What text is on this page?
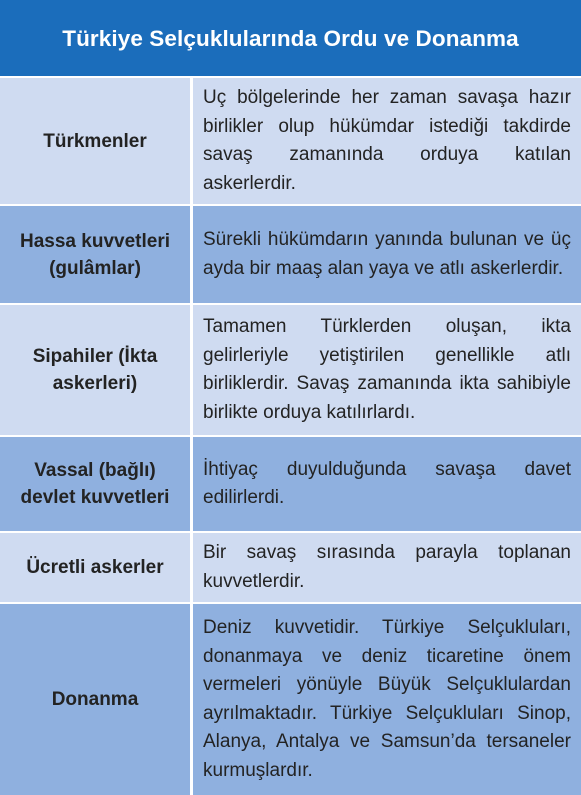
Türkiye Selçuklularında Ordu ve Donanma
Türkmenler
Uç bölgelerinde her zaman savaşa hazır birlikler olup hükümdar istediği takdirde savaş zamanında orduya katılan askerlerdir.
Hassa kuvvetleri (gulâmlar)
Sürekli hükümdarın yanında bulunan ve üç ayda bir maaş alan yaya ve atlı askerlerdir.
Sipahiler (İkta askerleri)
Tamamen Türklerden oluşan, ikta gelirleriyle yetiştirilen genellikle atlı birliklerdir. Savaş zamanında ikta sahibiyle birlikte orduya katılırlardı.
Vassal (bağlı) devlet kuvvetleri
İhtiyaç duyulduğunda savaşa davet edilirlerdi.
Ücretli askerler
Bir savaş sırasında parayla toplanan kuvvetlerdir.
Donanma
Deniz kuvvetidir. Türkiye Selçukluları, donanmaya ve deniz ticaretine önem vermeleri yönüyle Büyük Selçuklulardan ayrılmaktadır. Türkiye Selçukluları Sinop, Alanya, Antalya ve Samsun’da tersaneler kurmuşlardır.
